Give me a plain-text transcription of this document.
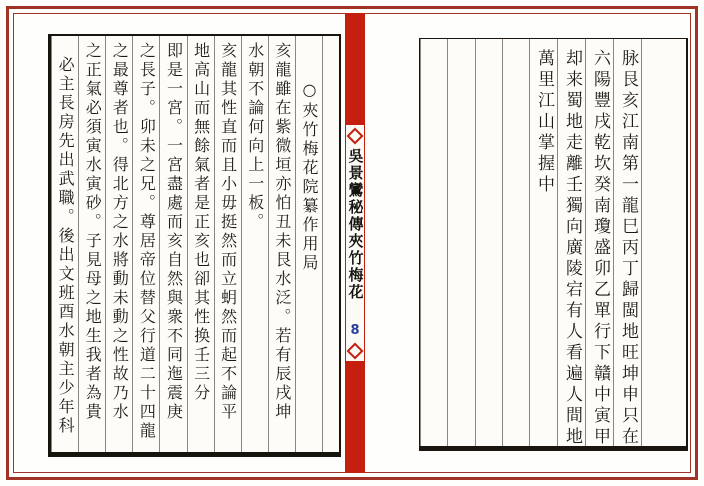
○夾竹梅花院纂作用局
亥龍雖在紫微垣亦怕丑未艮水泛。若有辰戌坤
水朝不論何向上一板。
亥龍其性直而且小毋挺然而立蚏然而起不論平
地高山而無餘氣者是正亥也卻其性换壬三分
即是一宮。一宮盡處而亥自然與衆不同迤震庚
之長子。卯未之兄。尊居帝位替父行道二十四龍
之最尊者也。得北方之水將動未動之性故乃水
之正氣必須寅水寅砂。子見母之地生我者為貴
必主長房先出武職。後出文班酉水朝主少年科	吳景鸞秘傳夾竹梅花
8	脉艮亥江南第一龍巳丙丁歸閩地旺坤申只在
六陽豐戌乾坎癸南瓊盛卯乙單行下贛中寅甲
却来蜀地走離壬獨向廣陵宕有人看遍人間地
萬里江山掌握中
